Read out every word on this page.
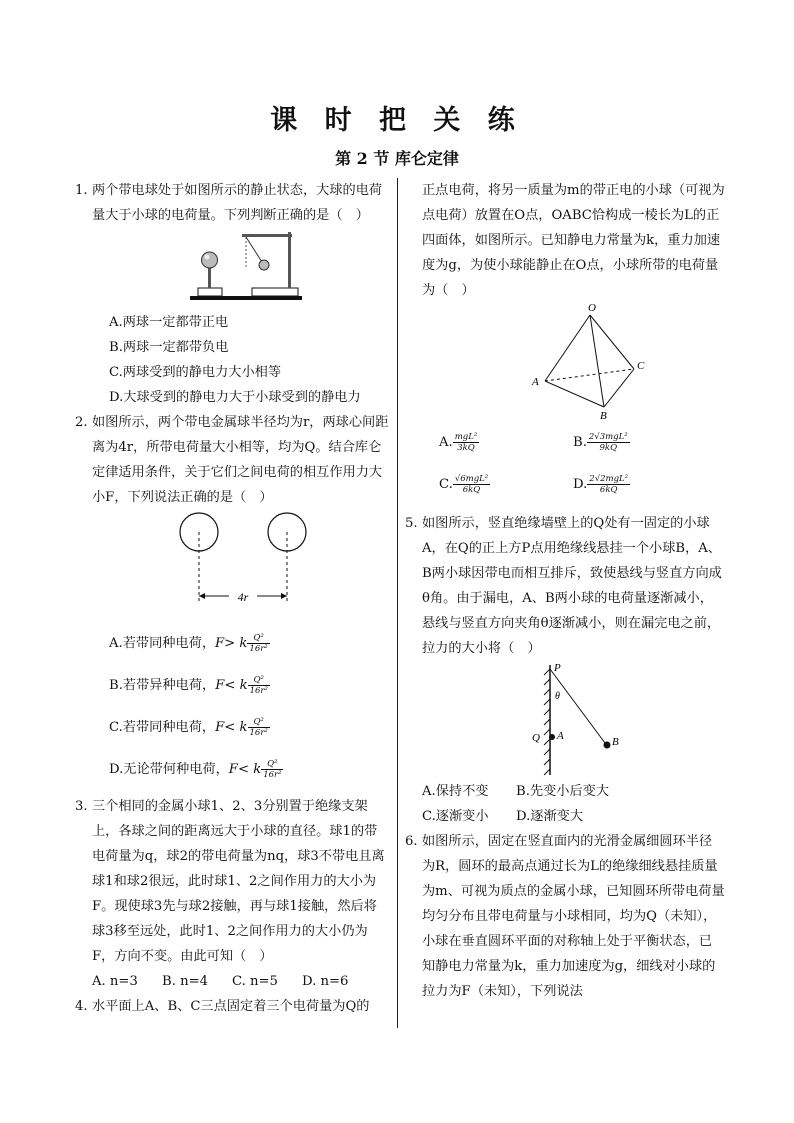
课 时 把 关 练
第 2 节 库仑定律
1. 两个带电球处于如图所示的静止状态，大球的电荷量大于小球的电荷量。下列判断正确的是（　）
A.两球一定都带正电
B.两球一定都带负电
C.两球受到的静电力大小相等
D.大球受到的静电力大于小球受到的静电力
2. 如图所示，两个带电金属球半径均为r，两球心间距离为4r，所带电荷量大小相等，均为Q。结合库仑定律适用条件，关于它们之间电荷的相互作用力大小F，下列说法正确的是（　）
4r
A.若带同种电荷， F> k $\frac{\text{Q²}}{\text{16r²}}$
B.若带异种电荷， F< k $\frac{\text{Q²}}{\text{16r²}}$
C.若带同种电荷， F< k $\frac{\text{Q²}}{\text{16r²}}$
D.无论带何种电荷， F< k $\frac{\text{Q²}}{\text{16r²}}$
3. 三个相同的金属小球1、2、3分别置于绝缘支架上，各球之间的距离远大于小球的直径。球1的带电荷量为q，球2的带电荷量为nq，球3不带电且离球1和球2很远，此时球1、2之间作用力的大小为F。现使球3先与球2接触，再与球1接触，然后将球3移至远处，此时1、2之间作用力的大小仍为F，方向不变。由此可知（　）
A. n=3	B. n=4	C. n=5	D. n=6
4. 水平面上A、B、C三点固定着三个电荷量为Q的
正点电荷，将另一质量为m的带正电的小球（可视为点电荷）放置在O点，OABC恰构成一棱长为L的正四面体，如图所示。已知静电力常量为k，重力加速度为g，为使小球能静止在O点，小球所带的电荷量为（　）
O
A
B
C
A. $\frac{\text{mgL²}}{3kQ}$	B. $\frac{\text{2√3mgL²}}{9kQ}$
C. $\frac{\text{√6mgL²}}{6kQ}$	D. $\frac{\text{2√2mgL²}}{6kQ}$
5. 如图所示，竖直绝缘墙壁上的Q处有一固定的小球A，在Q的正上方P点用绝缘线悬挂一个小球B，A、B两小球因带电而相互排斥，致使悬线与竖直方向成θ角。由于漏电，A、B两小球的电荷量逐渐减小，悬线与竖直方向夹角θ逐渐减小，则在漏完电之前，拉力的大小将（　）
P
θ
Q A	B
A.保持不变	B.先变小后变大
C.逐渐变小	D.逐渐变大
6. 如图所示，固定在竖直面内的光滑金属细圆环半径为R，圆环的最高点通过长为L的绝缘细线悬挂质量为m、可视为质点的金属小球，已知圆环所带电荷量均匀分布且带电荷量与小球相同，均为Q（未知），小球在垂直圆环平面的对称轴上处于平衡状态，已知静电力常量为k，重力加速度为g，细线对小球的拉力为F（未知），下列说法
